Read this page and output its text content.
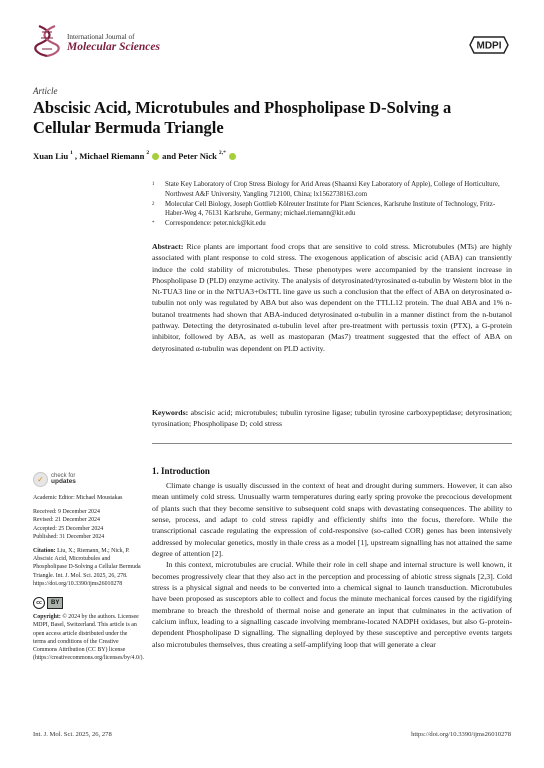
International Journal of
Molecular Sciences	MDPI
Article
Abscisic Acid, Microtubules and Phospholipase D-Solving a Cellular Bermuda Triangle
Xuan Liu $^1$ , Michael Riemann $^2$ and Peter Nick $^{2,*}$
1 State Key Laboratory of Crop Stress Biology for Arid Areas (Shaanxi Key Laboratory of Apple), College of Horticulture, Northwest A&F University, Yangling 712100, China; lx1562738163.com
2 Molecular Cell Biology, Joseph Gottlieb Kölreuter Institute for Plant Sciences, Karlsruhe Institute of Technology, Fritz-Haber-Weg 4, 76131 Karlsruhe, Germany; michael.riemann@kit.edu
* Correspondence: peter.nick@kit.edu
Abstract: Rice plants are important food crops that are sensitive to cold stress. Microtubules (MTs) are highly associated with plant response to cold stress. The exogenous application of abscisic acid (ABA) can transiently induce the cold stability of microtubules. These phenotypes were accompanied by the transient increase in Phospholipase D (PLD) enzyme activity. The analysis of detyrosinated/tyrosinated α-tubulin by Western blot in the Nt-TUA3 line or in the NtTUA3+OsTTL line gave us such a conclusion that the effect of ABA on detyrosinated α-tubulin not only was regulated by ABA but also was dependent on the TTLL12 protein. The dual ABA and 1% n-butanol treatments had shown that ABA-induced detyrosinated α-tubulin in a manner distinct from the n-butanol pathway. Detecting the detyrosinated α-tubulin level after pre-treatment with pertussis toxin (PTX), a G-protein inhibitor, followed by ABA, as well as mastoparan (Mas7) treatment suggested that the effect of ABA on detyrosinated α-tubulin was dependent on PLD activity.
Keywords: abscisic acid; microtubules; tubulin tyrosine ligase; tubulin tyrosine carboxypeptidase; detyrosination; tyrosination; Phospholipase D; cold stress
✓	check for
updates

Academic Editor: Michael Moustakas

Received: 9 December 2024

Revised: 21 December 2024

Accepted: 25 December 2024

Published: 31 December 2024

Citation: Liu, X.; Riemann, M.; Nick, P. Abscisic Acid, Microtubules and Phospholipase D-Solving a Cellular Bermuda Triangle. Int. J. Mol. Sci. 2025, 26, 278. https://doi.org/10.3390/ijms26010278

cc	BY

Copyright: © 2024 by the authors. Licensee MDPI, Basel, Switzerland. This article is an open access article distributed under the terms and conditions of the Creative Commons Attribution (CC BY) license (https://creativecommons.org/licenses/by/4.0/).

1. Introduction

Climate change is usually discussed in the context of heat and drought during summers. However, it can also mean untimely cold stress. Unusually warm temperatures during early spring provoke the precocious development of plants such that they become sensitive to subsequent cold snaps with devastating consequences. The ability to sense, process, and adapt to cold stress rapidly and efficiently shifts into the focus, therefore. While the transcriptional cascade regulating the expression of cold-responsive (so-called COR) genes has been intensively addressed by molecular genetics, mostly in thale cress as a model [1], upstream signalling has not attained the same degree of attention [2].

In this context, microtubules are crucial. While their role in cell shape and internal structure is well known, it becomes progressively clear that they also act in the perception and processing of abiotic stress signals [2,3]. Cold stress is a physical signal and needs to be converted into a chemical signal to launch transduction. Microtubules have been proposed as susceptors able to collect and focus the minute mechanical forces caused by the rigidifying membrane to breach the threshold of thermal noise and generate an input that culminates in the activation of calcium influx, leading to a signalling cascade involving membrane-located NADPH oxidases, but also G-protein-dependent Phospholipase D signalling. The signalling deployed by these susceptive and perceptive events targets also microtubules themselves, thus creating a self-amplifying loop that will generate a clear

Int. J. Mol. Sci. 2025, 26, 278	https://doi.org/10.3390/ijms26010278
